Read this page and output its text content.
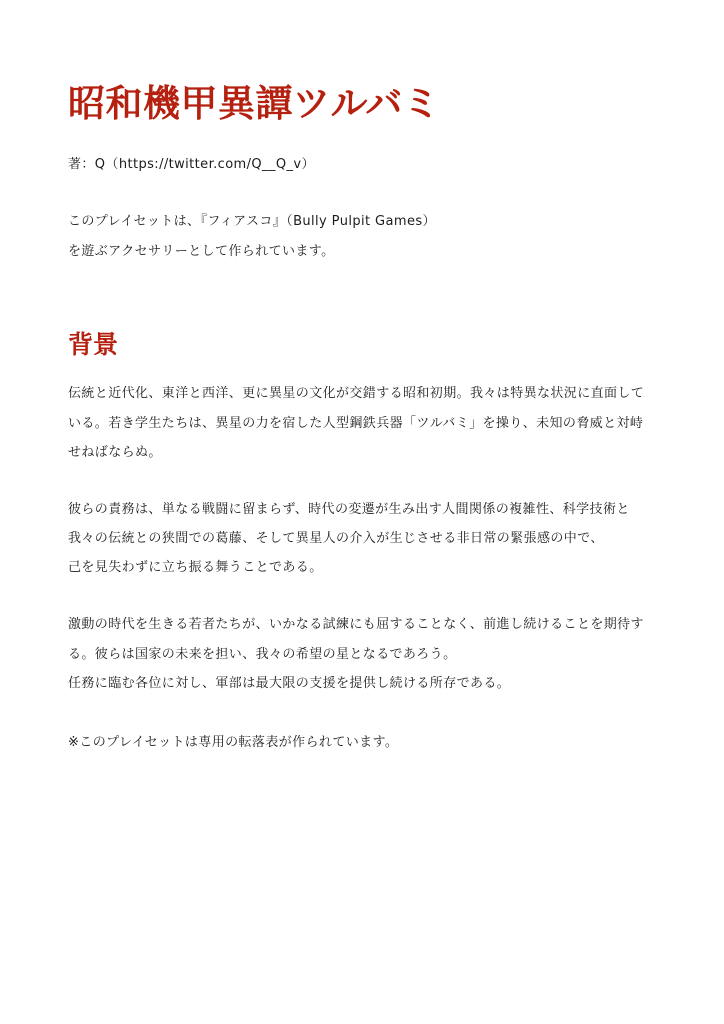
昭和機甲異譚ツルバミ

著：Q（https://twitter.com/Q__Q_v）

このプレイセットは、『フィアスコ』（Bully Pulpit Games）

を遊ぶアクセサリーとして作られています。

背景

伝統と近代化、東洋と西洋、更に異星の文化が交錯する昭和初期。我々は特異な状況に直面して

いる。若き学生たちは、異星の力を宿した人型鋼鉄兵器「ツルバミ」を操り、未知の脅威と対峙

せねばならぬ。

彼らの責務は、単なる戦闘に留まらず、時代の変遷が生み出す人間関係の複雑性、科学技術と

我々の伝統との狭間での葛藤、そして異星人の介入が生じさせる非日常の緊張感の中で、

己を見失わずに立ち振る舞うことである。

激動の時代を生きる若者たちが、いかなる試練にも屈することなく、前進し続けることを期待す

る。彼らは国家の未来を担い、我々の希望の星となるであろう。

任務に臨む各位に対し、軍部は最大限の支援を提供し続ける所存である。

※このプレイセットは専用の転落表が作られています。
